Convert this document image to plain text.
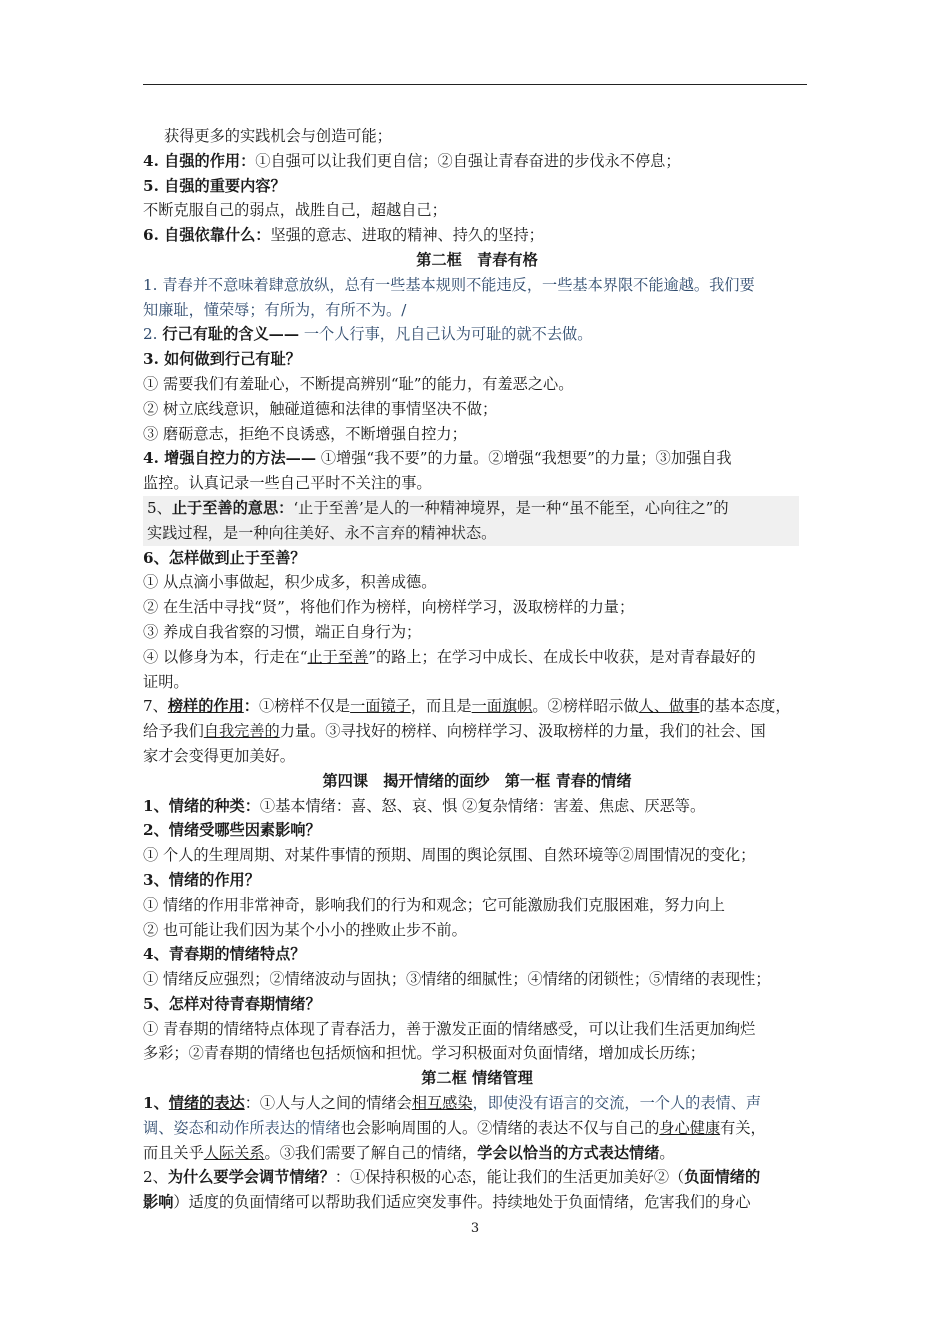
获得更多的实践机会与创造可能；
4. 自强的作用：①自强可以让我们更自信；②自强让青春奋进的步伐永不停息；
5. 自强的重要内容？
不断克服自己的弱点，战胜自己，超越自己；
6. 自强依靠什么：坚强的意志、进取的精神、持久的坚持；
第二框　青春有格
1. 青春并不意味着肆意放纵，总有一些基本规则不能违反，一些基本界限不能逾越。我们要
知廉耻，懂荣辱；有所为，有所不为。/
2. 行己有耻的含义—— 一个人行事，凡自己认为可耻的就不去做。
3. 如何做到行己有耻？
① 需要我们有羞耻心，不断提高辨别“耻”的能力，有羞恶之心。
② 树立底线意识，触碰道德和法律的事情坚决不做；
③ 磨砺意志，拒绝不良诱惑，不断增强自控力；
4. 增强自控力的方法—— ①增强“我不要”的力量。②增强“我想要”的力量；③加强自我
监控。认真记录一些自己平时不关注的事。
5、止于至善的意思：‘止于至善’是人的一种精神境界，是一种“虽不能至，心向往之”的
实践过程，是一种向往美好、永不言弃的精神状态。
6、怎样做到止于至善？
① 从点滴小事做起，积少成多，积善成德。
② 在生活中寻找“贤”，将他们作为榜样，向榜样学习，汲取榜样的力量；
③ 养成自我省察的习惯，端正自身行为；
④ 以修身为本，行走在“止于至善”的路上；在学习中成长、在成长中收获，是对青春最好的
证明。
7、榜样的作用：①榜样不仅是一面镜子，而且是一面旗帜。②榜样昭示做人、做事的基本态度，
给予我们自我完善的力量。③寻找好的榜样、向榜样学习、汲取榜样的力量，我们的社会、国
家才会变得更加美好。
第四课　揭开情绪的面纱　第一框 青春的情绪
1、情绪的种类：①基本情绪：喜、怒、哀、惧 ②复杂情绪：害羞、焦虑、厌恶等。
2、情绪受哪些因素影响？
① 个人的生理周期、对某件事情的预期、周围的舆论氛围、自然环境等②周围情况的变化；
3、情绪的作用？
① 情绪的作用非常神奇，影响我们的行为和观念；它可能激励我们克服困难，努力向上
② 也可能让我们因为某个小小的挫败止步不前。
4、青春期的情绪特点？
① 情绪反应强烈；②情绪波动与固执；③情绪的细腻性；④情绪的闭锁性；⑤情绪的表现性；
5、怎样对待青春期情绪？
① 青春期的情绪特点体现了青春活力，善于激发正面的情绪感受，可以让我们生活更加绚烂
多彩；②青春期的情绪也包括烦恼和担忧。学习积极面对负面情绪，增加成长历练；
第二框 情绪管理
1、情绪的表达：①人与人之间的情绪会相互感染，即使没有语言的交流，一个人的表情、声
调、姿态和动作所表达的情绪也会影响周围的人。②情绪的表达不仅与自己的身心健康有关，
而且关乎人际关系。③我们需要了解自己的情绪，学会以恰当的方式表达情绪。
2、为什么要学会调节情绪？：①保持积极的心态，能让我们的生活更加美好②（负面情绪的
影响）适度的负面情绪可以帮助我们适应突发事件。持续地处于负面情绪，危害我们的身心
3
